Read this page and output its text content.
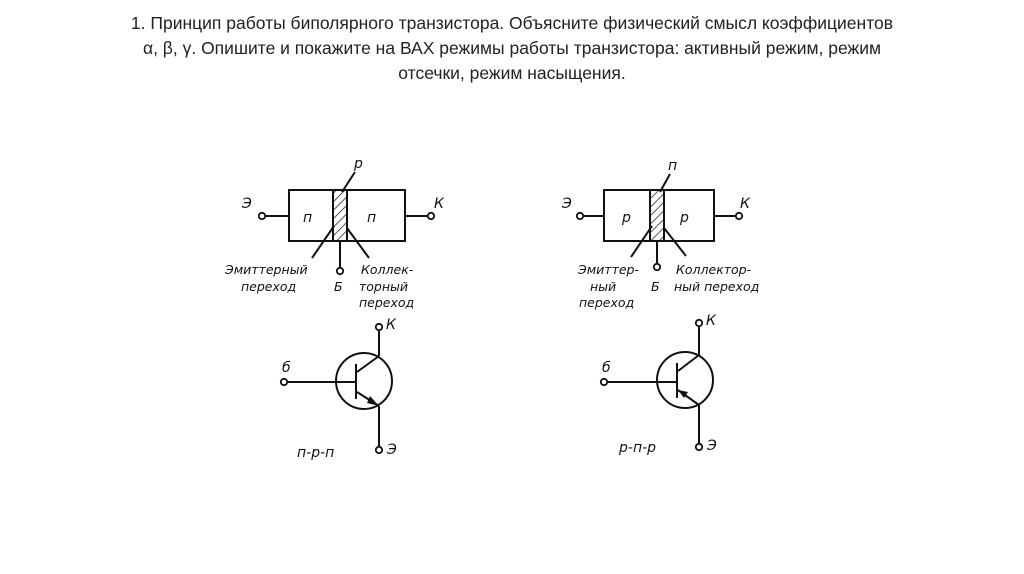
1. Принцип работы биполярного транзистора. Объясните физический смысл коэффициентов
α, β, γ. Опишите и покажите на ВАХ режимы работы транзистора: активный режим, режим
отсечки, режим насыщения.
Э	К
р
п	п
Эмиттерный
переход	Б
Коллек-
торный
переход
б
К
Э
п-р-п
Э	К
п
р	р
Эмиттер-
ный
переход
Б
Коллектор-
ный переход
б
К
Э
р-п-р
